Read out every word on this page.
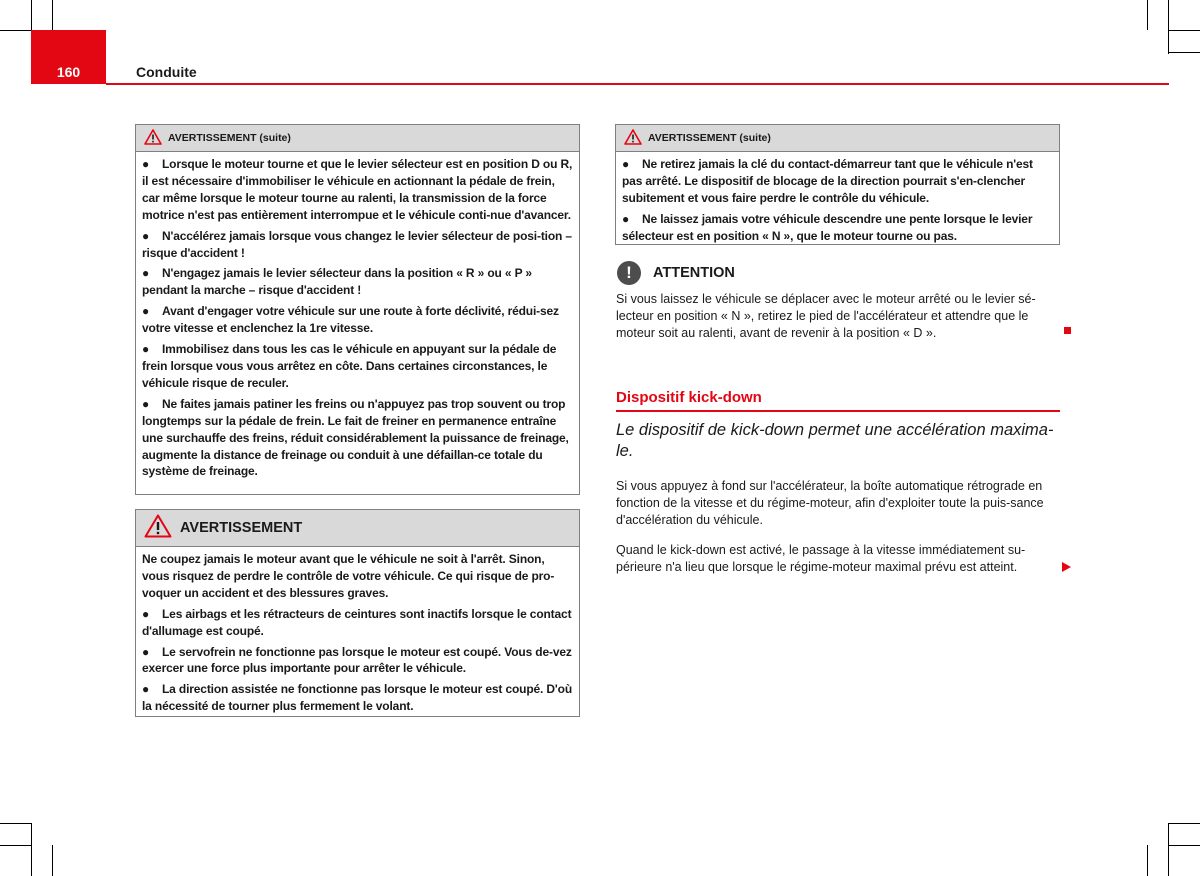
160	Conduite
AVERTISSEMENT (suite)
● Lorsque le moteur tourne et que le levier sélecteur est en position D ou R, il est nécessaire d'immobiliser le véhicule en actionnant la pédale de frein, car même lorsque le moteur tourne au ralenti, la transmission de la force motrice n'est pas entièrement interrompue et le véhicule conti-nue d'avancer.
● N'accélérez jamais lorsque vous changez le levier sélecteur de posi-tion – risque d'accident !
● N'engagez jamais le levier sélecteur dans la position « R » ou « P » pendant la marche – risque d'accident !
● Avant d'engager votre véhicule sur une route à forte déclivité, rédui-sez votre vitesse et enclenchez la 1re vitesse.
● Immobilisez dans tous les cas le véhicule en appuyant sur la pédale de frein lorsque vous vous arrêtez en côte. Dans certaines circonstances, le véhicule risque de reculer.
● Ne faites jamais patiner les freins ou n'appuyez pas trop souvent ou trop longtemps sur la pédale de frein. Le fait de freiner en permanence entraîne une surchauffe des freins, réduit considérablement la puissance de freinage, augmente la distance de freinage ou conduit à une défaillan-ce totale du système de freinage.
AVERTISSEMENT
Ne coupez jamais le moteur avant que le véhicule ne soit à l'arrêt. Sinon, vous risquez de perdre le contrôle de votre véhicule. Ce qui risque de pro-voquer un accident et des blessures graves.
● Les airbags et les rétracteurs de ceintures sont inactifs lorsque le contact d'allumage est coupé.
● Le servofrein ne fonctionne pas lorsque le moteur est coupé. Vous de-vez exercer une force plus importante pour arrêter le véhicule.
● La direction assistée ne fonctionne pas lorsque le moteur est coupé. D'où la nécessité de tourner plus fermement le volant.
AVERTISSEMENT (suite)
● Ne retirez jamais la clé du contact-démarreur tant que le véhicule n'est pas arrêté. Le dispositif de blocage de la direction pourrait s'en-clencher subitement et vous faire perdre le contrôle du véhicule.
● Ne laissez jamais votre véhicule descendre une pente lorsque le levier sélecteur est en position « N », que le moteur tourne ou pas.
!	ATTENTION
Si vous laissez le véhicule se déplacer avec le moteur arrêté ou le levier sé-lecteur en position « N », retirez le pied de l'accélérateur et attendre que le moteur soit au ralenti, avant de revenir à la position « D ».
Dispositif kick-down
Le dispositif de kick-down permet une accélération maxima-le.
Si vous appuyez à fond sur l'accélérateur, la boîte automatique rétrograde en fonction de la vitesse et du régime-moteur, afin d'exploiter toute la puis-sance d'accélération du véhicule.
Quand le kick-down est activé, le passage à la vitesse immédiatement su-périeure n'a lieu que lorsque le régime-moteur maximal prévu est atteint.
